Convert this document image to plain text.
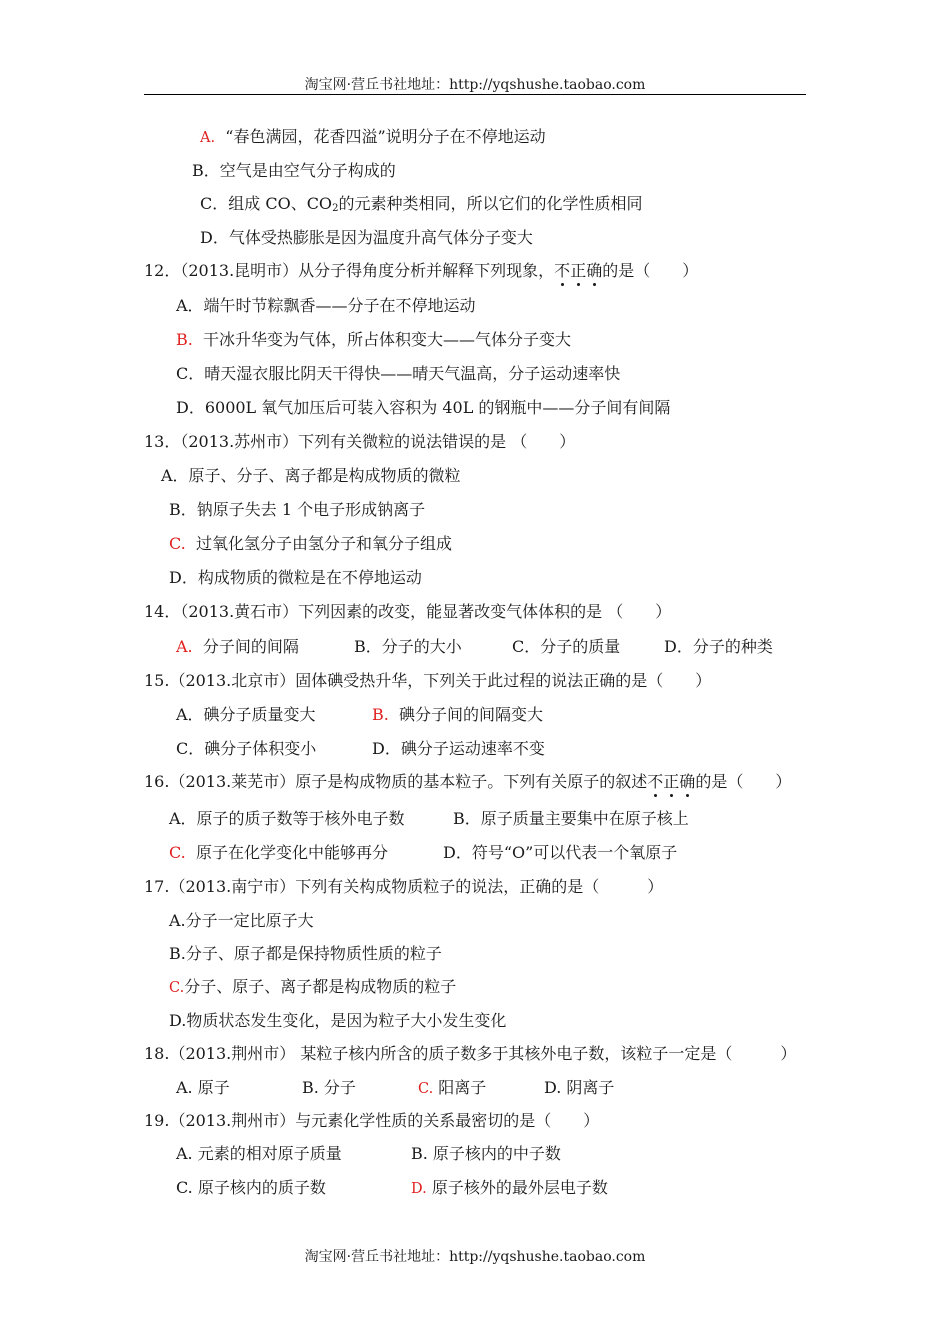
淘宝网·营丘书社地址：http://yqshushe.taobao.com
A. “春色满园，花香四溢”说明分子在不停地运动
B．空气是由空气分子构成的
C．组成 CO、$CO_2$的元素种类相同，所以它们的化学性质相同
D．气体受热膨胀是因为温度升高气体分子变大
12．（2013.昆明市）从分子得角度分析并解释下列现象，不正确的是（　　）
A．端午时节粽飘香——分子在不停地运动
B. 干冰升华变为气体，所占体积变大——气体分子变大
C．晴天湿衣服比阴天干得快——晴天气温高，分子运动速率快
D．6000L 氧气加压后可装入容积为 40L 的钢瓶中——分子间有间隔
13．（2013.苏州市）下列有关微粒的说法错误的是 （　　）
A．原子、分子、离子都是构成物质的微粒
B．钠原子失去 1 个电子形成钠离子
C. 过氧化氢分子由氢分子和氧分子组成
D．构成物质的微粒是在不停地运动
14．（2013.黄石市）下列因素的改变，能显著改变气体体积的是 （　　）
A. 分子间的间隔	B．分子的大小	C．分子的质量	D．分子的种类
15.（2013.北京市）固体碘受热升华，下列关于此过程的说法正确的是（　　）
A．碘分子质量变大	B. 碘分子间的间隔变大
C．碘分子体积变小	D．碘分子运动速率不变
16.（2013.莱芜市）原子是构成物质的基本粒子。下列有关原子的叙述不正确的是（　　）
A．原子的质子数等于核外电子数	B．原子质量主要集中在原子核上
C. 原子在化学变化中能够再分	D．符号“O”可以代表一个氧原子
17.（2013.南宁市）下列有关构成物质粒子的说法，正确的是（　　　）
A.分子一定比原子大
B.分子、原子都是保持物质性质的粒子
C.分子、原子、离子都是构成物质的粒子
D.物质状态发生变化，是因为粒子大小发生变化
18.（2013.荆州市） 某粒子核内所含的质子数多于其核外电子数，该粒子一定是（　　　）
A. 原子	B. 分子	C. 阳离子	D. 阴离子
19.（2013.荆州市）与元素化学性质的关系最密切的是（　　）
A. 元素的相对原子质量	B. 原子核内的中子数
C. 原子核内的质子数	D. 原子核外的最外层电子数
淘宝网·营丘书社地址：http://yqshushe.taobao.com
